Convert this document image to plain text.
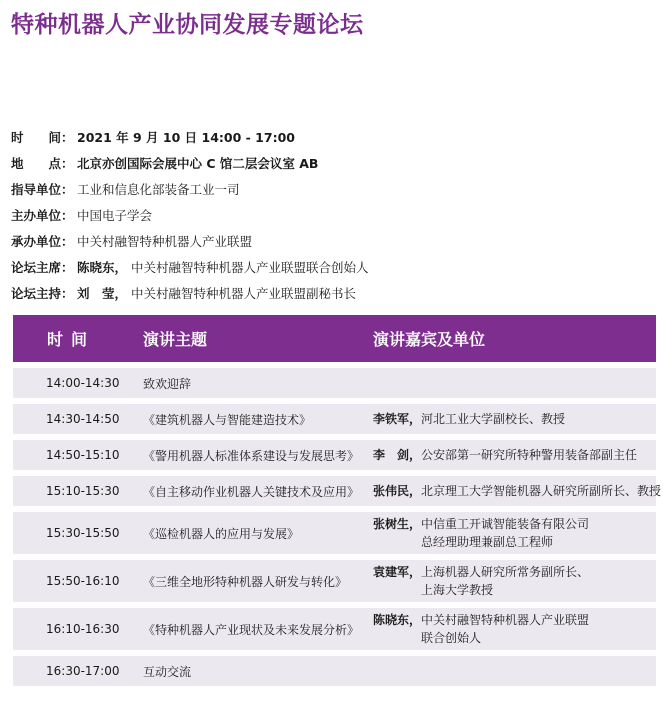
特种机器人产业协同发展专题论坛
时　　间： 2021 年 9 月 10 日 14:00 - 17:00
地　　点： 北京亦创国际会展中心 C 馆二层会议室 AB
指导单位： 工业和信息化部装备工业一司
主办单位： 中国电子学会
承办单位： 中关村融智特种机器人产业联盟
论坛主席： 陈晓东， 中关村融智特种机器人产业联盟联合创始人
论坛主持： 刘　莹， 中关村融智特种机器人产业联盟副秘书长
时间	演讲主题	演讲嘉宾及单位
14:00-14:30	致欢迎辞
14:30-14:50	《建筑机器人与智能建造技术》	李铁军， 河北工业大学副校长、教授
14:50-15:10	《警用机器人标准体系建设与发展思考》 李　剑， 公安部第一研究所特种警用装备部副主任
15:10-15:30	《自主移动作业机器人关键技术及应用》 张伟民， 北京理工大学智能机器人研究所副所长、教授
15:30-15:50	《巡检机器人的应用与发展》
张树生， 中信重工开诚智能装备有限公司
总经理助理兼副总工程师
15:50-16:10	《三维全地形特种机器人研发与转化》
袁建军， 上海机器人研究所常务副所长、
上海大学教授
16:10-16:30	《特种机器人产业现状及未来发展分析》
陈晓东， 中关村融智特种机器人产业联盟
联合创始人
16:30-17:00	互动交流
